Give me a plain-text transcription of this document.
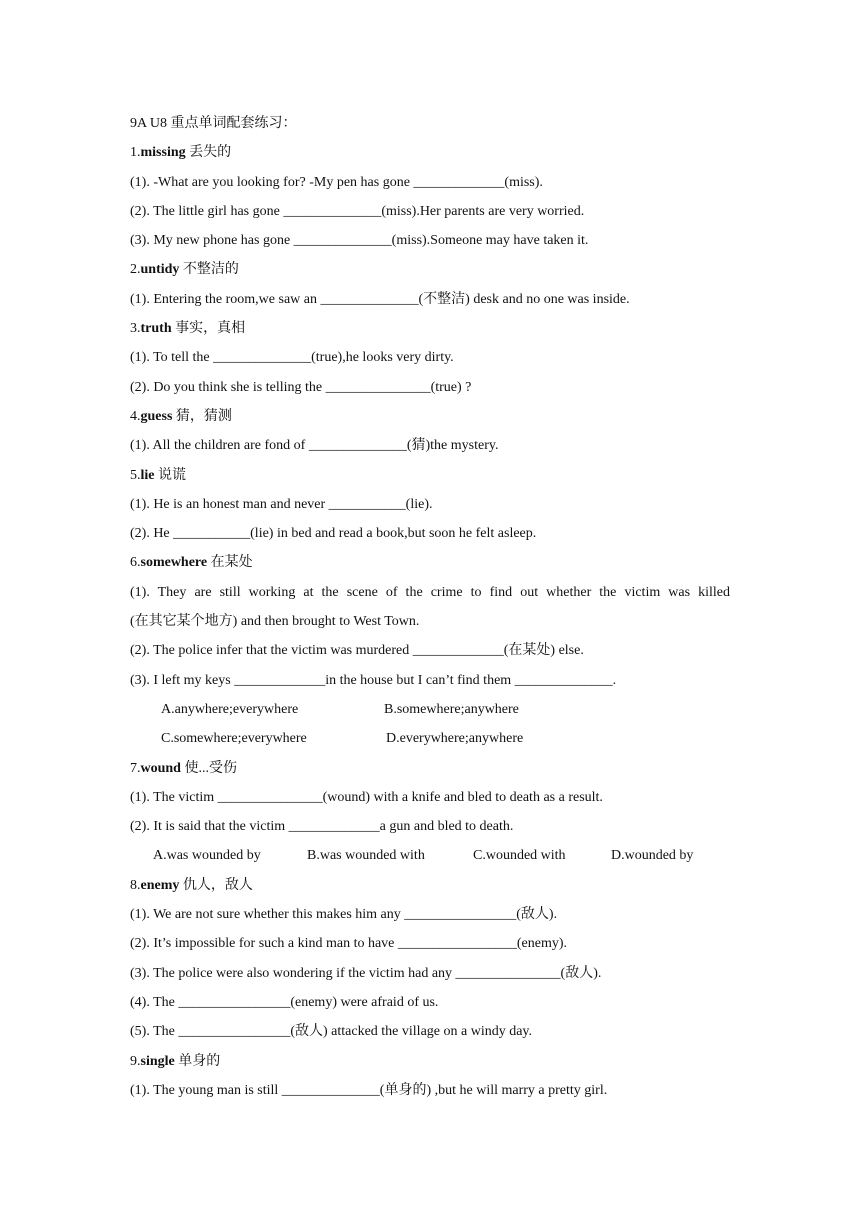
9A U8 重点单词配套练习：
1.missing 丢失的
(1). -What are you looking for? -My pen has gone _____________(miss).
(2). The little girl has gone ______________(miss).Her parents are very worried.
(3). My new phone has gone ______________(miss).Someone may have taken it.
2.untidy 不整洁的
(1). Entering the room,we saw an ______________(不整洁) desk and no one was inside.
3.truth 事实，真相
(1). To tell the ______________(true),he looks very dirty.
(2). Do you think she is telling the _______________(true) ?
4.guess 猜，猜测
(1). All the children are fond of ______________(猜)the mystery.
5.lie 说谎
(1). He is an honest man and never ___________(lie).
(2). He ___________(lie) in bed and read a book,but soon he felt asleep.
6.somewhere 在某处
(1). They are still working at the scene of the crime to find out whether the victim was killed
(在其它某个地方) and then brought to West Town.
(2). The police infer that the victim was murdered _____________(在某处) else.
(3). I left my keys _____________in the house but I can’t find them ______________.
A.anywhere;everywhere	B.somewhere;anywhere
C.somewhere;everywhere	D.everywhere;anywhere
7.wound 使...受伤
(1). The victim _______________(wound) with a knife and bled to death as a result.
(2). It is said that the victim _____________a gun and bled to death.
A.was wounded by	B.was wounded with	C.wounded with	D.wounded by
8.enemy 仇人，敌人
(1). We are not sure whether this makes him any ________________(敌人).
(2). It’s impossible for such a kind man to have _________________(enemy).
(3). The police were also wondering if the victim had any _______________(敌人).
(4). The ________________(enemy) were afraid of us.
(5). The ________________(敌人) attacked the village on a windy day.
9.single 单身的
(1). The young man is still ______________(单身的) ,but he will marry a pretty girl.
